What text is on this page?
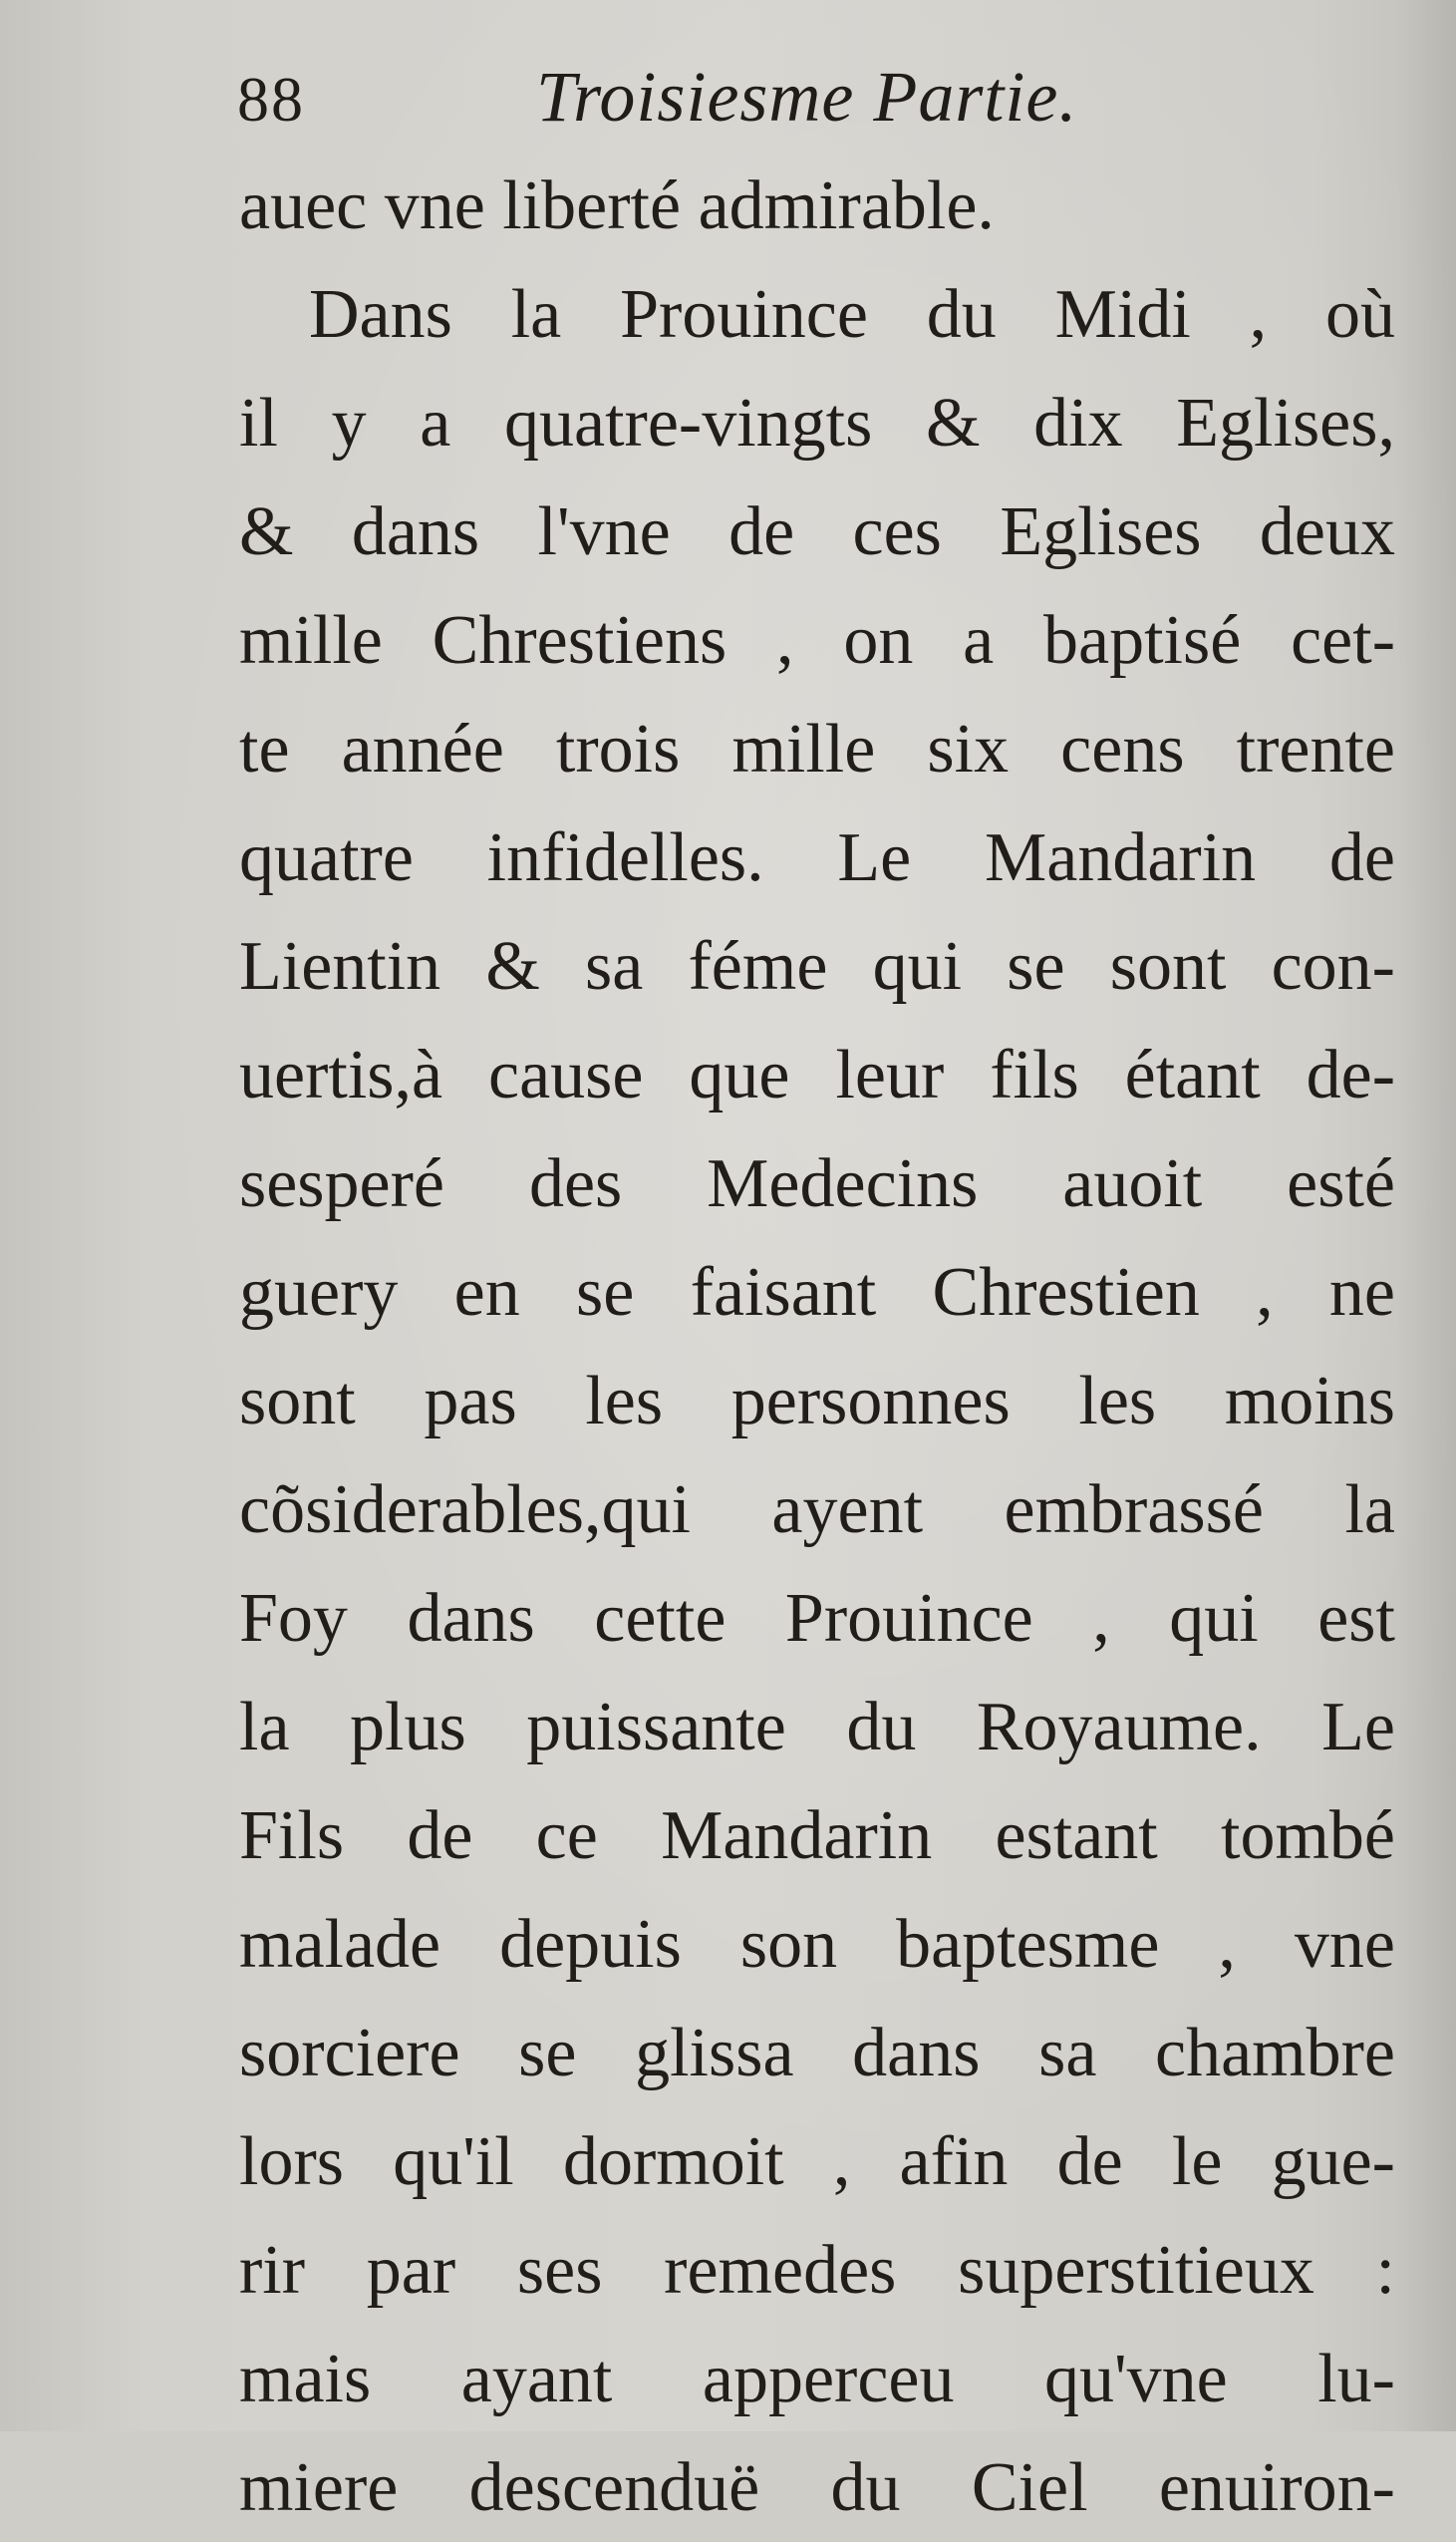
88	Troisiesme Partie.
auec vne liberté admirable.
Dans la Prouince du Midi , où
il y a quatre-vingts & dix Eglises,
& dans l'vne de ces Eglises deux
mille Chrestiens , on a baptisé cet-
te année trois mille six cens trente
quatre infidelles. Le Mandarin de
Lientin & sa féme qui se sont con-
uertis,à cause que leur fils étant de-
sesperé des Medecins auoit esté
guery en se faisant Chrestien , ne
sont pas les personnes les moins
cõsiderables,qui ayent embrassé la
Foy dans cette Prouince , qui est
la plus puissante du Royaume. Le
Fils de ce Mandarin estant tombé
malade depuis son baptesme , vne
sorciere se glissa dans sa chambre
lors qu'il dormoit , afin de le gue-
rir par ses remedes superstitieux :
mais ayant apperceu qu'vne lu-
miere descenduë du Ciel enuiron-
